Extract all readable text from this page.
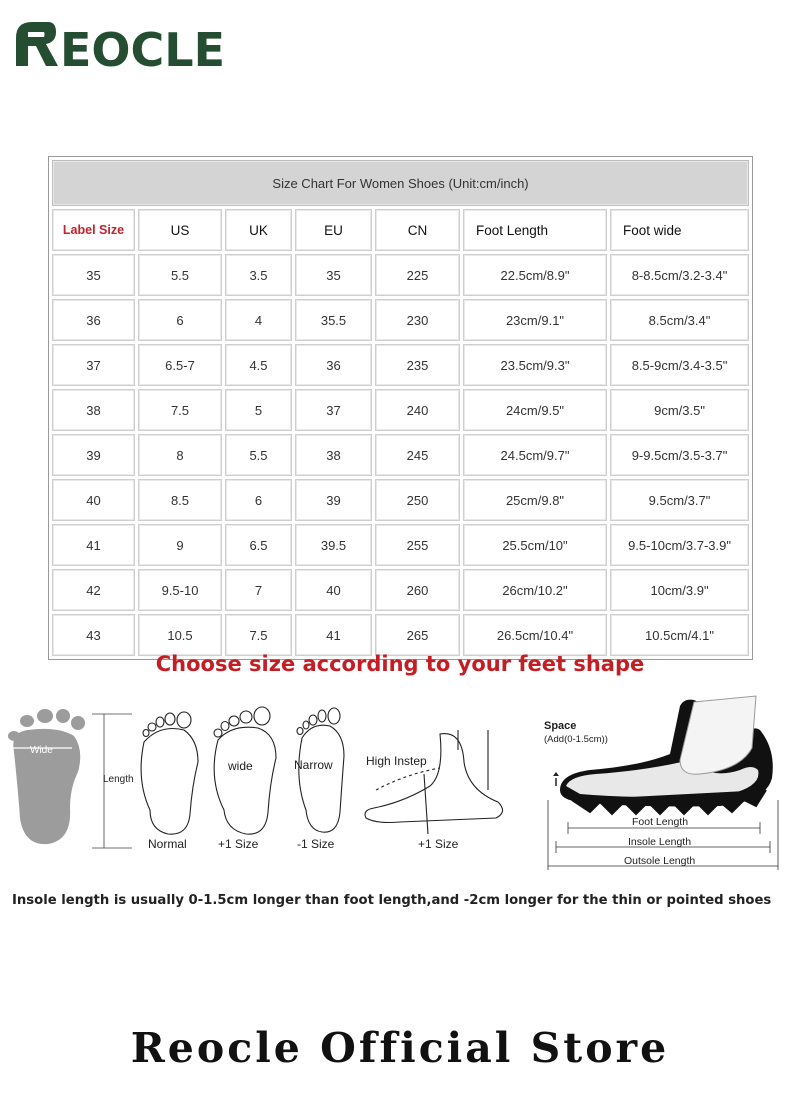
EOCLE
Size Chart For Women Shoes (Unit:cm/inch)						
Label Size	US	UK	EU	CN	Foot Length	Foot wide
35	5.5	3.5	35	225	22.5cm/8.9"	8-8.5cm/3.2-3.4"
36	6	4	35.5	230	23cm/9.1"	8.5cm/3.4"
37	6.5-7	4.5	36	235	23.5cm/9.3"	8.5-9cm/3.4-3.5"
38	7.5	5	37	240	24cm/9.5"	9cm/3.5"
39	8	5.5	38	245	24.5cm/9.7"	9-9.5cm/3.5-3.7"
40	8.5	6	39	250	25cm/9.8"	9.5cm/3.7"
41	9	6.5	39.5	255	25.5cm/10"	9.5-10cm/3.7-3.9"
42	9.5-10	7	40	260	26cm/10.2"	10cm/3.9"
43	10.5	7.5	41	265	26.5cm/10.4"	10.5cm/4.1"

Choose size according to your feet shape

Wide
Length
Normal
wide
+1 Size
Narrow
-1 Size
High Instep
+1 Size
Space
(Add(0-1.5cm))
Foot Length
Insole Length
Outsole Length

Insole length is usually 0-1.5cm longer than foot length,and -2cm longer for the thin or pointed shoes

Reocle Official Store
